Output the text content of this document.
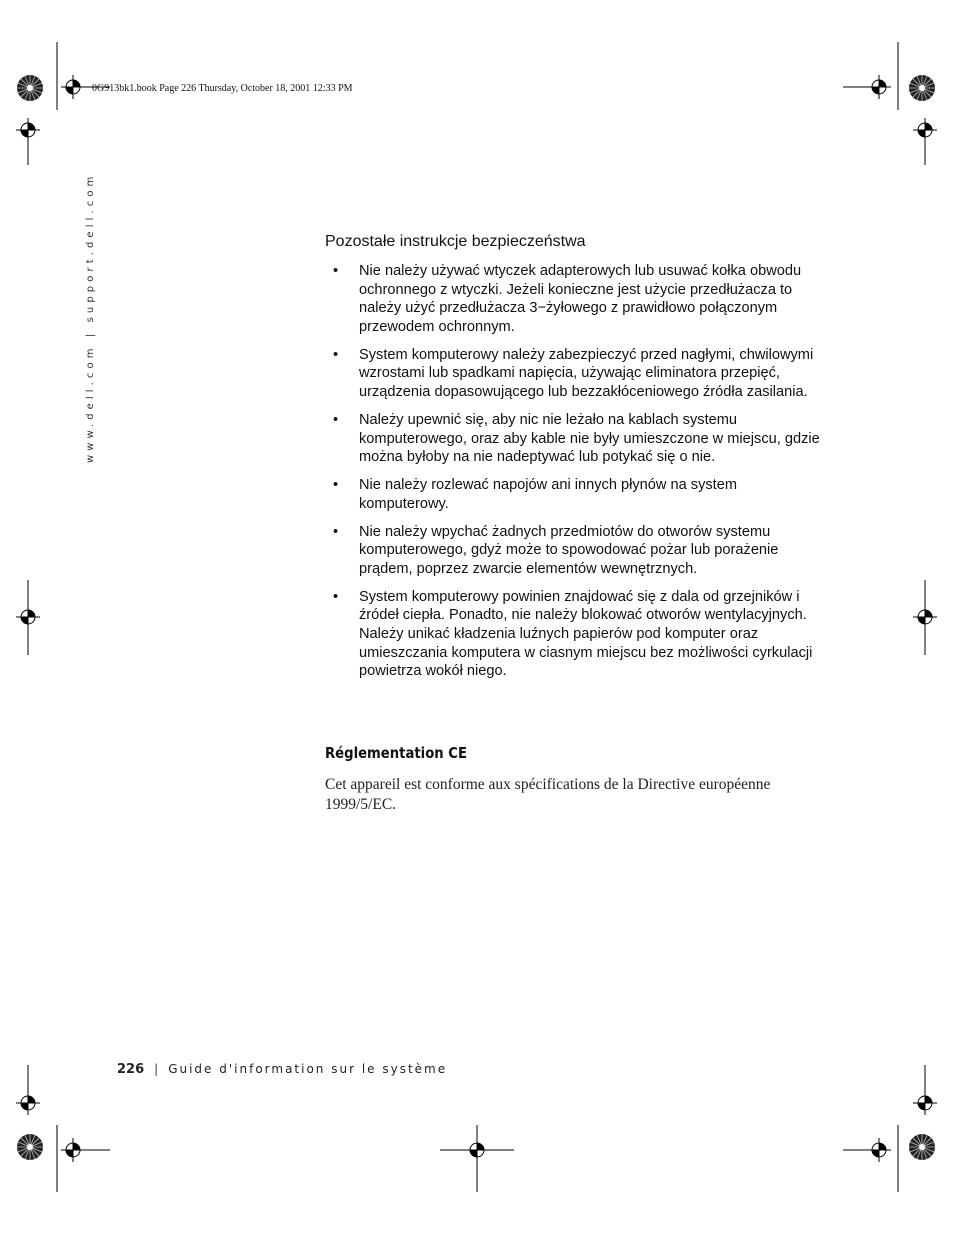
0G913bk1.book Page 226 Thursday, October 18, 2001 12:33 PM
www.dell.com | support.dell.com	Pozostałe instrukcje bezpieczeństwa
• Nie należy używać wtyczek adapterowych lub usuwać kołka obwodu ochronnego z wtyczki. Jeżeli konieczne jest użycie przedłużacza to należy użyć przedłużacza 3−żyłowego z prawidłowo połączonym przewodem ochronnym.
• System komputerowy należy zabezpieczyć przed nagłymi, chwilowymi wzrostami lub spadkami napięcia, używając eliminatora przepięć, urządzenia dopasowującego lub bezzakłóceniowego źródła zasilania.
• Należy upewnić się, aby nic nie leżało na kablach systemu komputerowego, oraz aby kable nie były umieszczone w miejscu, gdzie można byłoby na nie nadeptywać lub potykać się o nie.
• Nie należy rozlewać napojów ani innych płynów na system komputerowy.
• Nie należy wpychać żadnych przedmiotów do otworów systemu komputerowego, gdyż może to spowodować pożar lub porażenie prądem, poprzez zwarcie elementów wewnętrznych.
• System komputerowy powinien znajdować się z dala od grzejników i źródeł ciepła. Ponadto, nie należy blokować otworów wentylacyjnych. Należy unikać kładzenia luźnych papierów pod komputer oraz umieszczania komputera w ciasnym miejscu bez możliwości cyrkulacji powietrza wokół niego.
Réglementation CE

Cet appareil est conforme aux spécifications de la Directive européenne 1999/5/EC.

226 | Guide d'information sur le système
